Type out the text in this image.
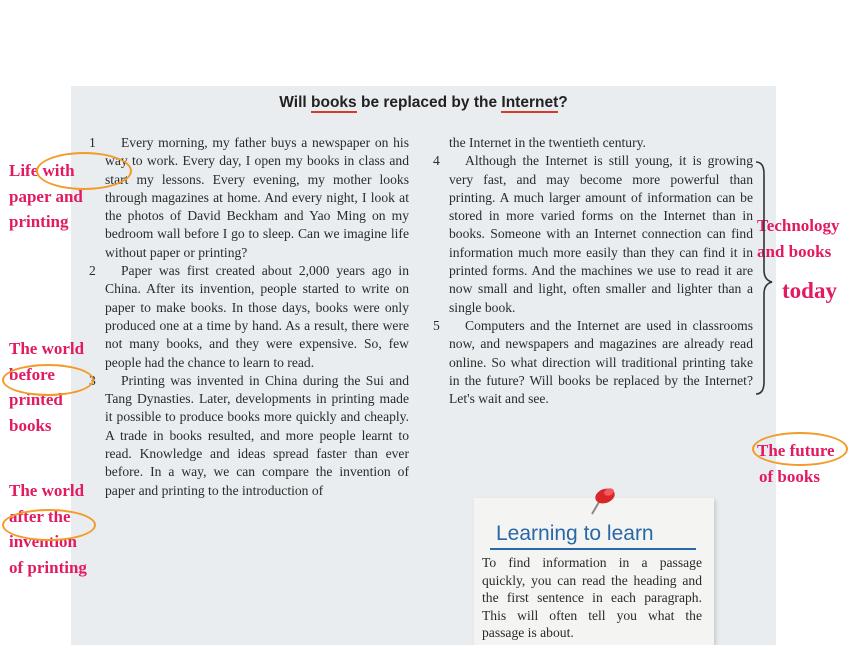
Will books be replaced by the Internet?
1	Every morning, my father buys a newspaper on his way to work. Every day, I open my books in class and start my lessons. Every evening, my mother looks through magazines at home. And every night, I look at the photos of David Beckham and Yao Ming on my bedroom wall before I go to sleep. Can we imagine life without paper or printing?

2	Paper was first created about 2,000 years ago in China. After its invention, people started to write on paper to make books. In those days, books were only produced one at a time by hand. As a result, there were not many books, and they were expensive. So, few people had the chance to learn to read.

3	Printing was invented in China during the Sui and Tang Dynasties. Later, developments in printing made it possible to produce books more quickly and cheaply. A trade in books resulted, and more people learnt to read. Knowledge and ideas spread faster than ever before. In a way, we can compare the invention of paper and printing to the introduction of

the Internet in the twentieth century.

4	Although the Internet is still young, it is growing very fast, and may become more powerful than printing. A much larger amount of information can be stored in more varied forms on the Internet than in books. Someone with an Internet connection can find information much more easily than they can find it in printed forms. And the machines we use to read it are now small and light, often smaller and lighter than a single book.

5	Computers and the Internet are used in classrooms now, and newspapers and magazines are already read online. So what direction will traditional printing take in the future? Will books be replaced by the Internet? Let's wait and see.

Learning to learn
To find information in a passage quickly, you can read the heading and the first sentence in each paragraph. This will often tell you what the passage is about.
Life with
paper and
printing
The world
before
printed
books
The world
after the
invention
of printing
Technology
and books
today
The future
of books
